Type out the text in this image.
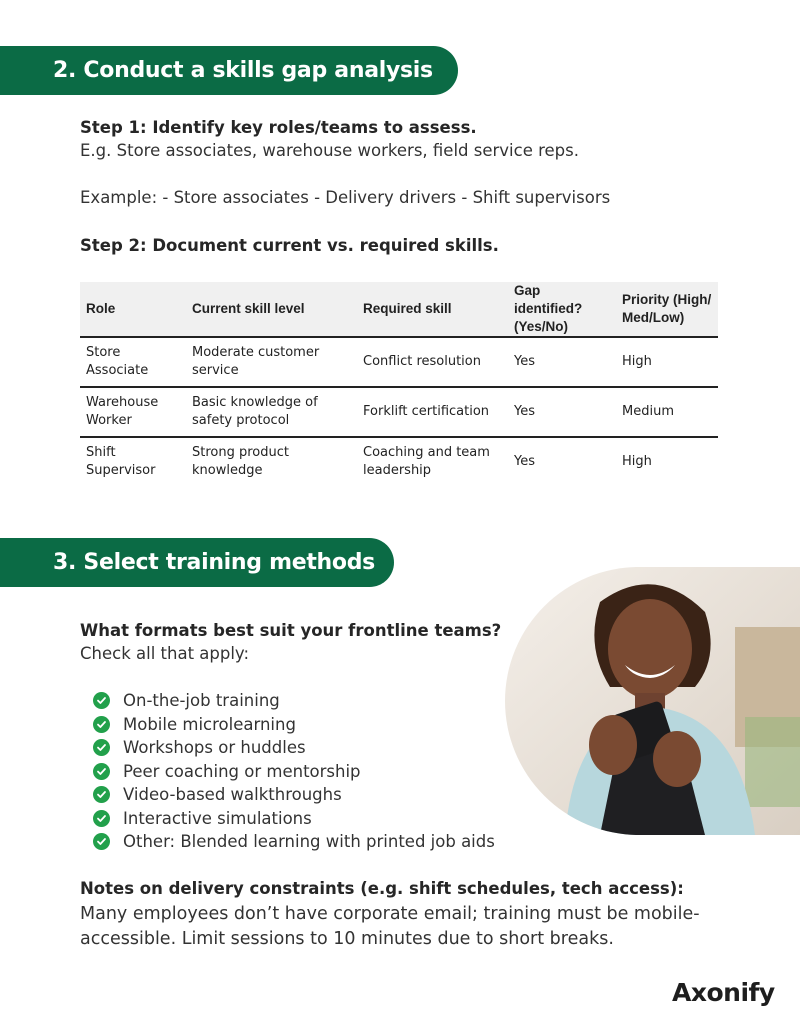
2. Conduct a skills gap analysis
Step 1: Identify key roles/teams to assess.
E.g. Store associates, warehouse workers, field service reps.
Example: - Store associates - Delivery drivers - Shift supervisors
Step 2: Document current vs. required skills.
Role	Current skill level	Required skill	Gap identified? (Yes/No)	Priority (High/ Med/Low)
Store Associate	Moderate customer service	Conflict resolution	Yes	High
Warehouse Worker	Basic knowledge of safety protocol	Forklift certification	Yes	Medium
Shift Supervisor	Strong product knowledge	Coaching and team leadership	Yes	High
3. Select training methods
What formats best suit your frontline teams?
Check all that apply:
On-the-job training
Mobile microlearning
Workshops or huddles
Peer coaching or mentorship
Video-based walkthroughs
Interactive simulations
Other: Blended learning with printed job aids
Notes on delivery constraints (e.g. shift schedules, tech access):
Many employees don’t have corporate email; training must be mobile-
accessible. Limit sessions to 10 minutes due to short breaks.
Axonify
